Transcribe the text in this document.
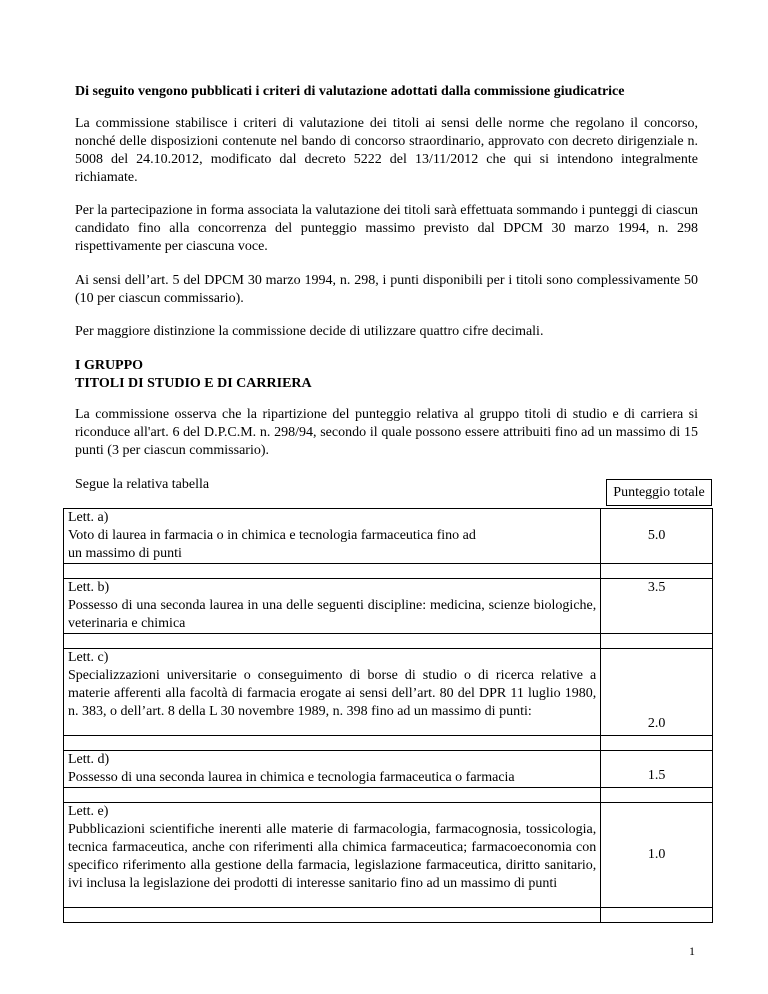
Di seguito vengono pubblicati i criteri di valutazione adottati dalla commissione giudicatrice

La commissione stabilisce i criteri di valutazione dei titoli ai sensi delle norme che regolano il concorso, nonché delle disposizioni contenute nel bando di concorso straordinario, approvato con decreto dirigenziale n. 5008 del 24.10.2012, modificato dal decreto 5222 del 13/11/2012 che qui si intendono integralmente richiamate.

Per la partecipazione in forma associata la valutazione dei titoli sarà effettuata sommando i punteggi di ciascun candidato fino alla concorrenza del punteggio massimo previsto dal DPCM 30 marzo 1994, n. 298 rispettivamente per ciascuna voce.

Ai sensi dell’art. 5 del DPCM 30 marzo 1994, n. 298, i punti disponibili per i titoli sono complessivamente 50 (10 per ciascun commissario).

Per maggiore distinzione la commissione decide di utilizzare quattro cifre decimali.

I GRUPPO
TITOLI DI STUDIO E DI CARRIERA

La commissione osserva che la ripartizione del punteggio relativa al gruppo titoli di studio e di carriera si riconduce all'art. 6 del D.P.C.M. n. 298/94, secondo il quale possono essere attribuiti fino ad un massimo di 15 punti (3 per ciascun commissario).

Segue la relativa tabella	Punteggio totale
Lett. a)
Voto di laurea in farmacia o in chimica e tecnologia farmaceutica fino ad un massimo di punti	5.0

Lett. b)
Possesso di una seconda laurea in una delle seguenti discipline: medicina, scienze biologiche, veterinaria e chimica	3.5

Lett. c)
Specializzazioni universitarie o conseguimento di borse di studio o di ricerca relative a materie afferenti alla facoltà di farmacia erogate ai sensi dell’art. 80 del DPR 11 luglio 1980, n. 383, o dell’art. 8 della L 30 novembre 1989, n. 398 fino ad un massimo di punti:	2.0

Lett. d)
Possesso di una seconda laurea in chimica e tecnologia farmaceutica o farmacia	1.5

Lett. e)
Pubblicazioni scientifiche inerenti alle materie di farmacologia, farmacognosia, tossicologia, tecnica farmaceutica, anche con riferimenti alla chimica farmaceutica; farmacoeconomia con specifico riferimento alla gestione della farmacia, legislazione farmaceutica, diritto sanitario, ivi inclusa la legislazione dei prodotti di interesse sanitario fino ad un massimo di punti	1.0

1
